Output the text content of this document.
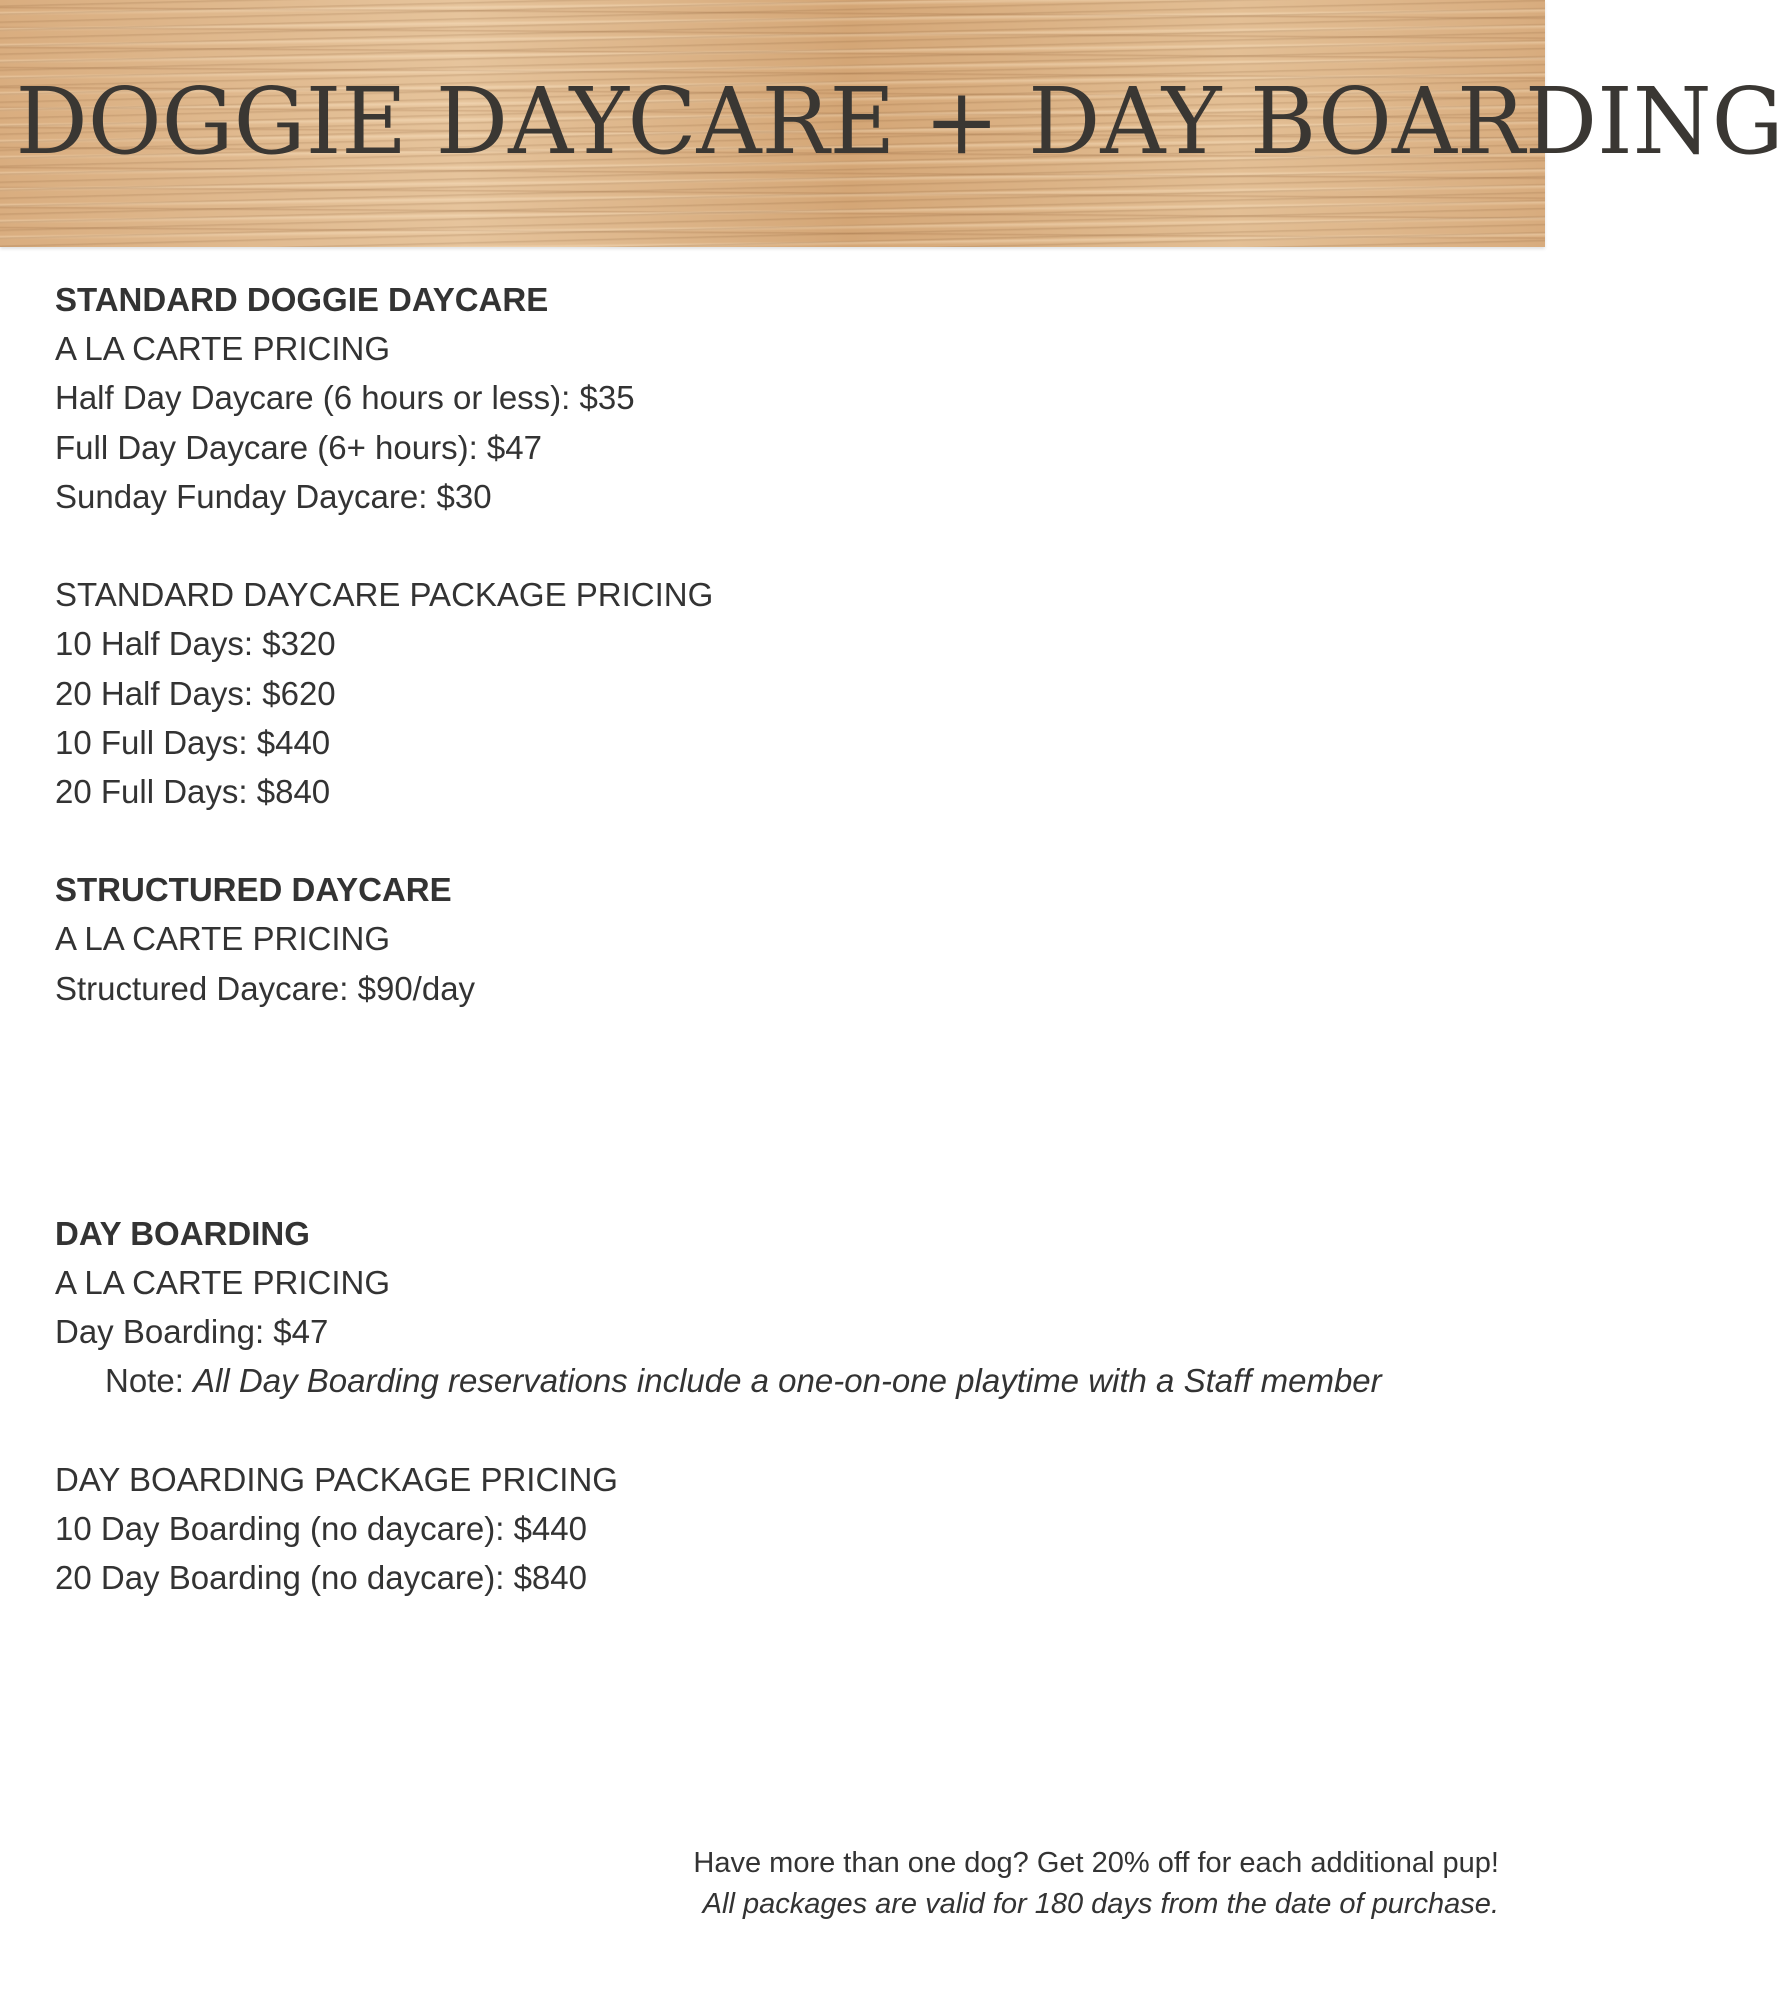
DOGGIE DAYCARE + DAY BOARDING
STANDARD DOGGIE DAYCARE
A LA CARTE PRICING
Half Day Daycare (6 hours or less): $35
Full Day Daycare (6+ hours): $47
Sunday Funday Daycare: $30
STANDARD DAYCARE PACKAGE PRICING
10 Half Days: $320
20 Half Days: $620
10 Full Days: $440
20 Full Days: $840
STRUCTURED DAYCARE
A LA CARTE PRICING
Structured Daycare: $90/day
DAY BOARDING
A LA CARTE PRICING
Day Boarding: $47
Note: All Day Boarding reservations include a one-on-one playtime with a Staff member
DAY BOARDING PACKAGE PRICING
10 Day Boarding (no daycare): $440
20 Day Boarding (no daycare): $840
Have more than one dog? Get 20% off for each additional pup!
All packages are valid for 180 days from the date of purchase.
